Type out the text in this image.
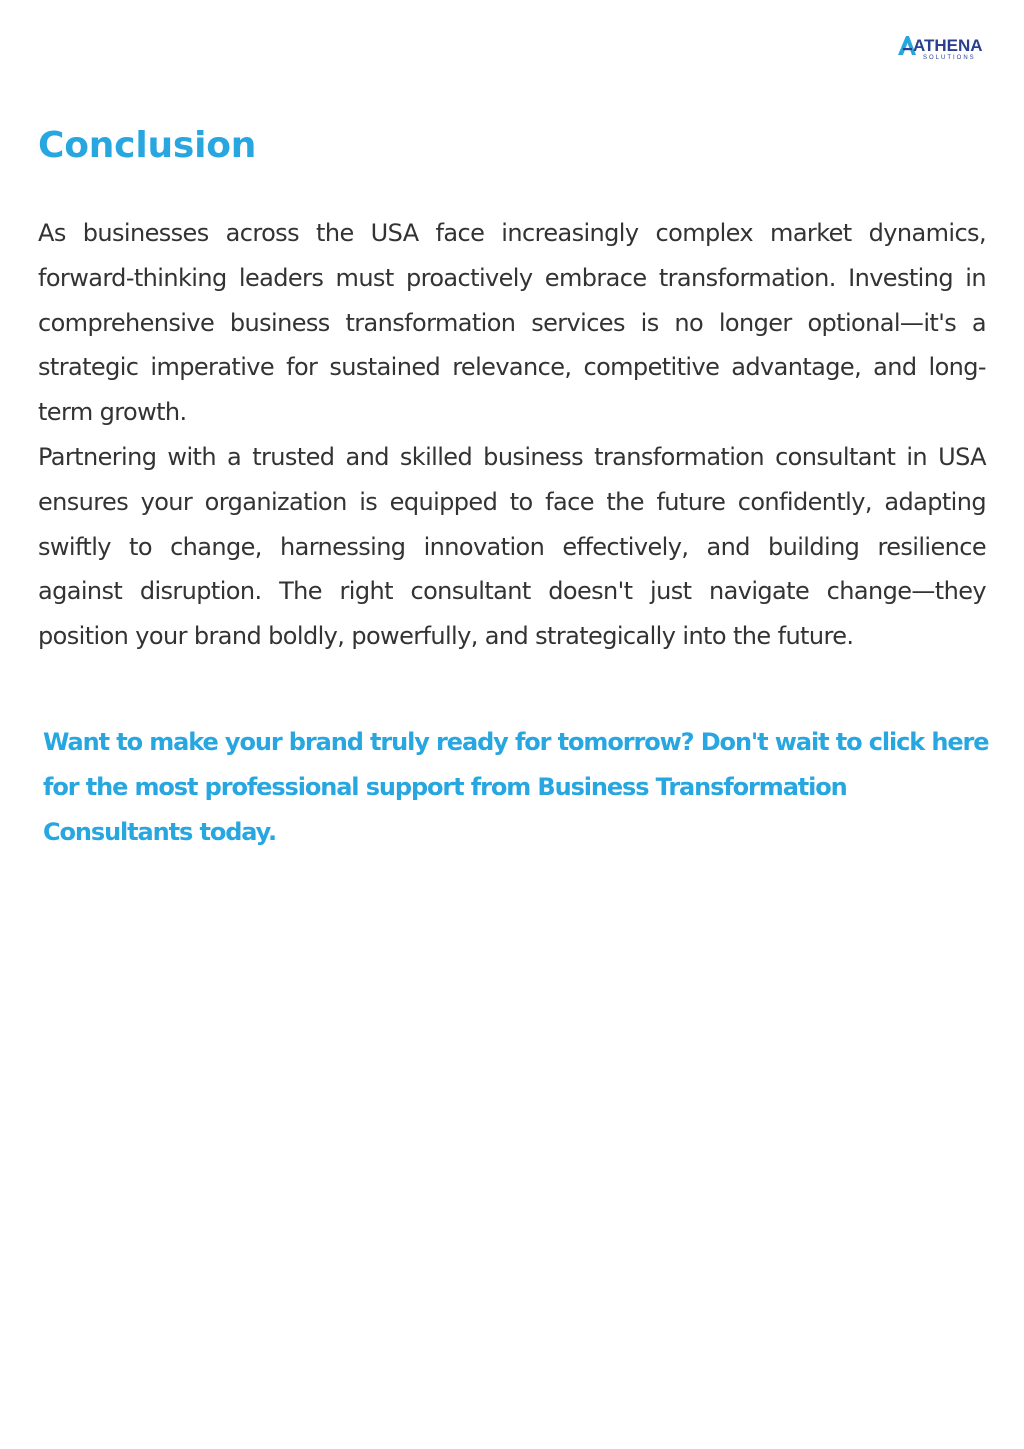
ATHENA
SOLUTIONS
Conclusion

As businesses across the USA face increasingly complex market dynamics, forward-thinking leaders must proactively embrace transformation. Investing in comprehensive business transformation services is no longer optional—it's a strategic imperative for sustained relevance, competitive advantage, and long-term growth.

Partnering with a trusted and skilled business transformation consultant in USA ensures your organization is equipped to face the future confidently, adapting swiftly to change, harnessing innovation effectively, and building resilience against disruption. The right consultant doesn't just navigate change—they position your brand boldly, powerfully, and strategically into the future.

Want to make your brand truly ready for tomorrow? Don't wait to click here for the most professional support from Business Transformation Consultants today.
